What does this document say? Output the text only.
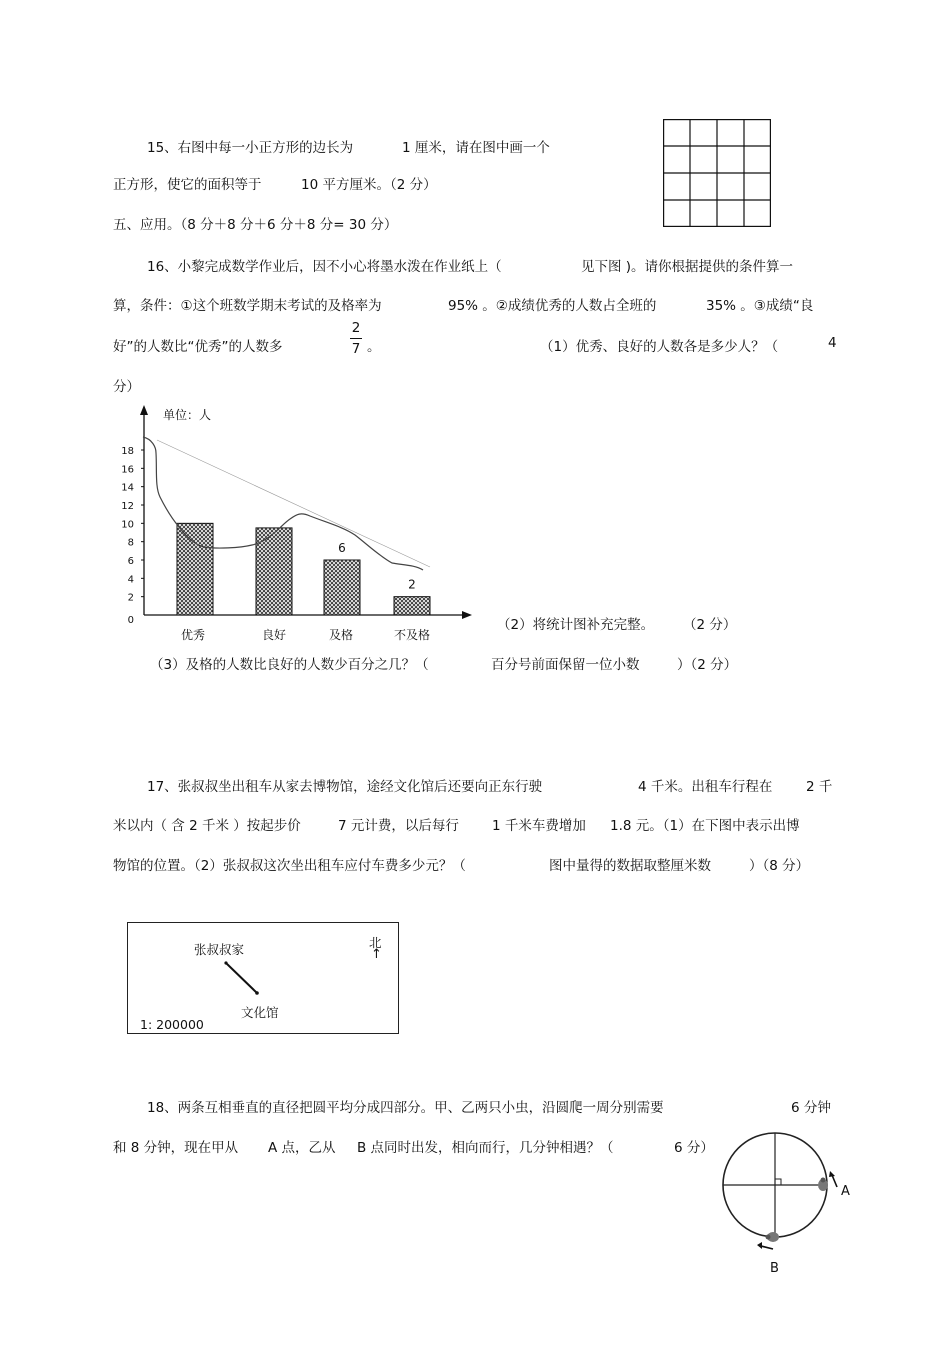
15、右图中每一小正方形的边长为	1 厘米，请在图中画一个
正方形，使它的面积等于	10 平方厘米。（2 分）
五、应用。（8 分＋8 分＋6 分＋8 分= 30 分）
16、小黎完成数学作业后，因不小心将墨水泼在作业纸上（	见下图 )。请你根据提供的条件算一
算，条件：①这个班数学期末考试的及格率为	95% 。②成绩优秀的人数占全班的	35% 。③成绩“良
好”的人数比“优秀”的人数多
2
7 。	（1）优秀、良好的人数各是多少人？（	4
分）
单位：人
0
2
4
6
8
10
12
14
16
18
优秀	良好
6
及格
2
不及格
（2）将统计图补充完整。 （2 分）
（3）及格的人数比良好的人数少百分之几？（	百分号前面保留一位小数	）（2 分）
17、张叔叔坐出租车从家去博物馆，途经文化馆后还要向正东行驶	4 千米。出租车行程在 2 千
米以内（ 含 2 千米 ）按起步价	7 元计费，以后每行 1 千米车费增加 1.8 元。（1）在下图中表示出博
物馆的位置。（2）张叔叔这次坐出租车应付车费多少元？（	图中量得的数据取整厘米数	）（8 分）
张叔叔家
文化馆
北
↑
1: 200000
18、两条互相垂直的直径把圆平均分成四部分。甲、乙两只小虫，沿圆爬一周分别需要	6 分钟
和 8 分钟，现在甲从 A 点，乙从 B 点同时出发，相向而行，几分钟相遇？（	6 分）
A
B
